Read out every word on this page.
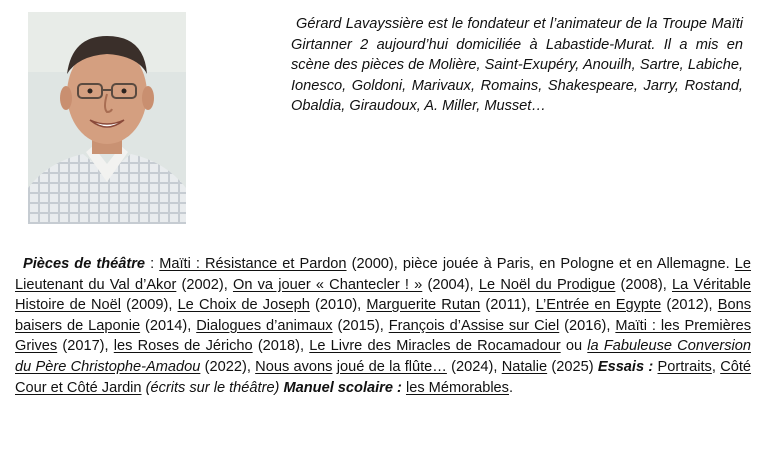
Gérard Lavayssière est le fondateur et l’animateur de la Troupe Maïti Girtanner 2 aujourd’hui domiciliée à Labastide-Murat. Il a mis en scène des pièces de Molière, Saint-Exupéry, Anouilh, Sartre, Labiche, Ionesco, Goldoni, Marivaux, Romains, Shakespeare, Jarry, Rostand, Obaldia, Giraudoux, A. Miller, Musset…

Pièces de théâtre : Maïti : Résistance et Pardon (2000), pièce jouée à Paris, en Pologne et en Allemagne. Le Lieutenant du Val d’Akor (2002), On va jouer « Chantecler ! » (2004), Le Noël du Prodigue (2008), La Véritable Histoire de Noël (2009), Le Choix de Joseph (2010), Marguerite Rutan (2011), L’Entrée en Egypte (2012), Bons baisers de Laponie (2014), Dialogues d’animaux (2015), François d’Assise sur Ciel (2016), Maïti : les Premières Grives (2017), les Roses de Jéricho (2018), Le Livre des Miracles de Rocamadour ou la Fabuleuse Conversion du Père Christophe-Amadou (2022), Nous avons joué de la flûte… (2024), Natalie (2025) Essais : Portraits, Côté Cour et Côté Jardin (écrits sur le théâtre) Manuel scolaire : les Mémorables.
